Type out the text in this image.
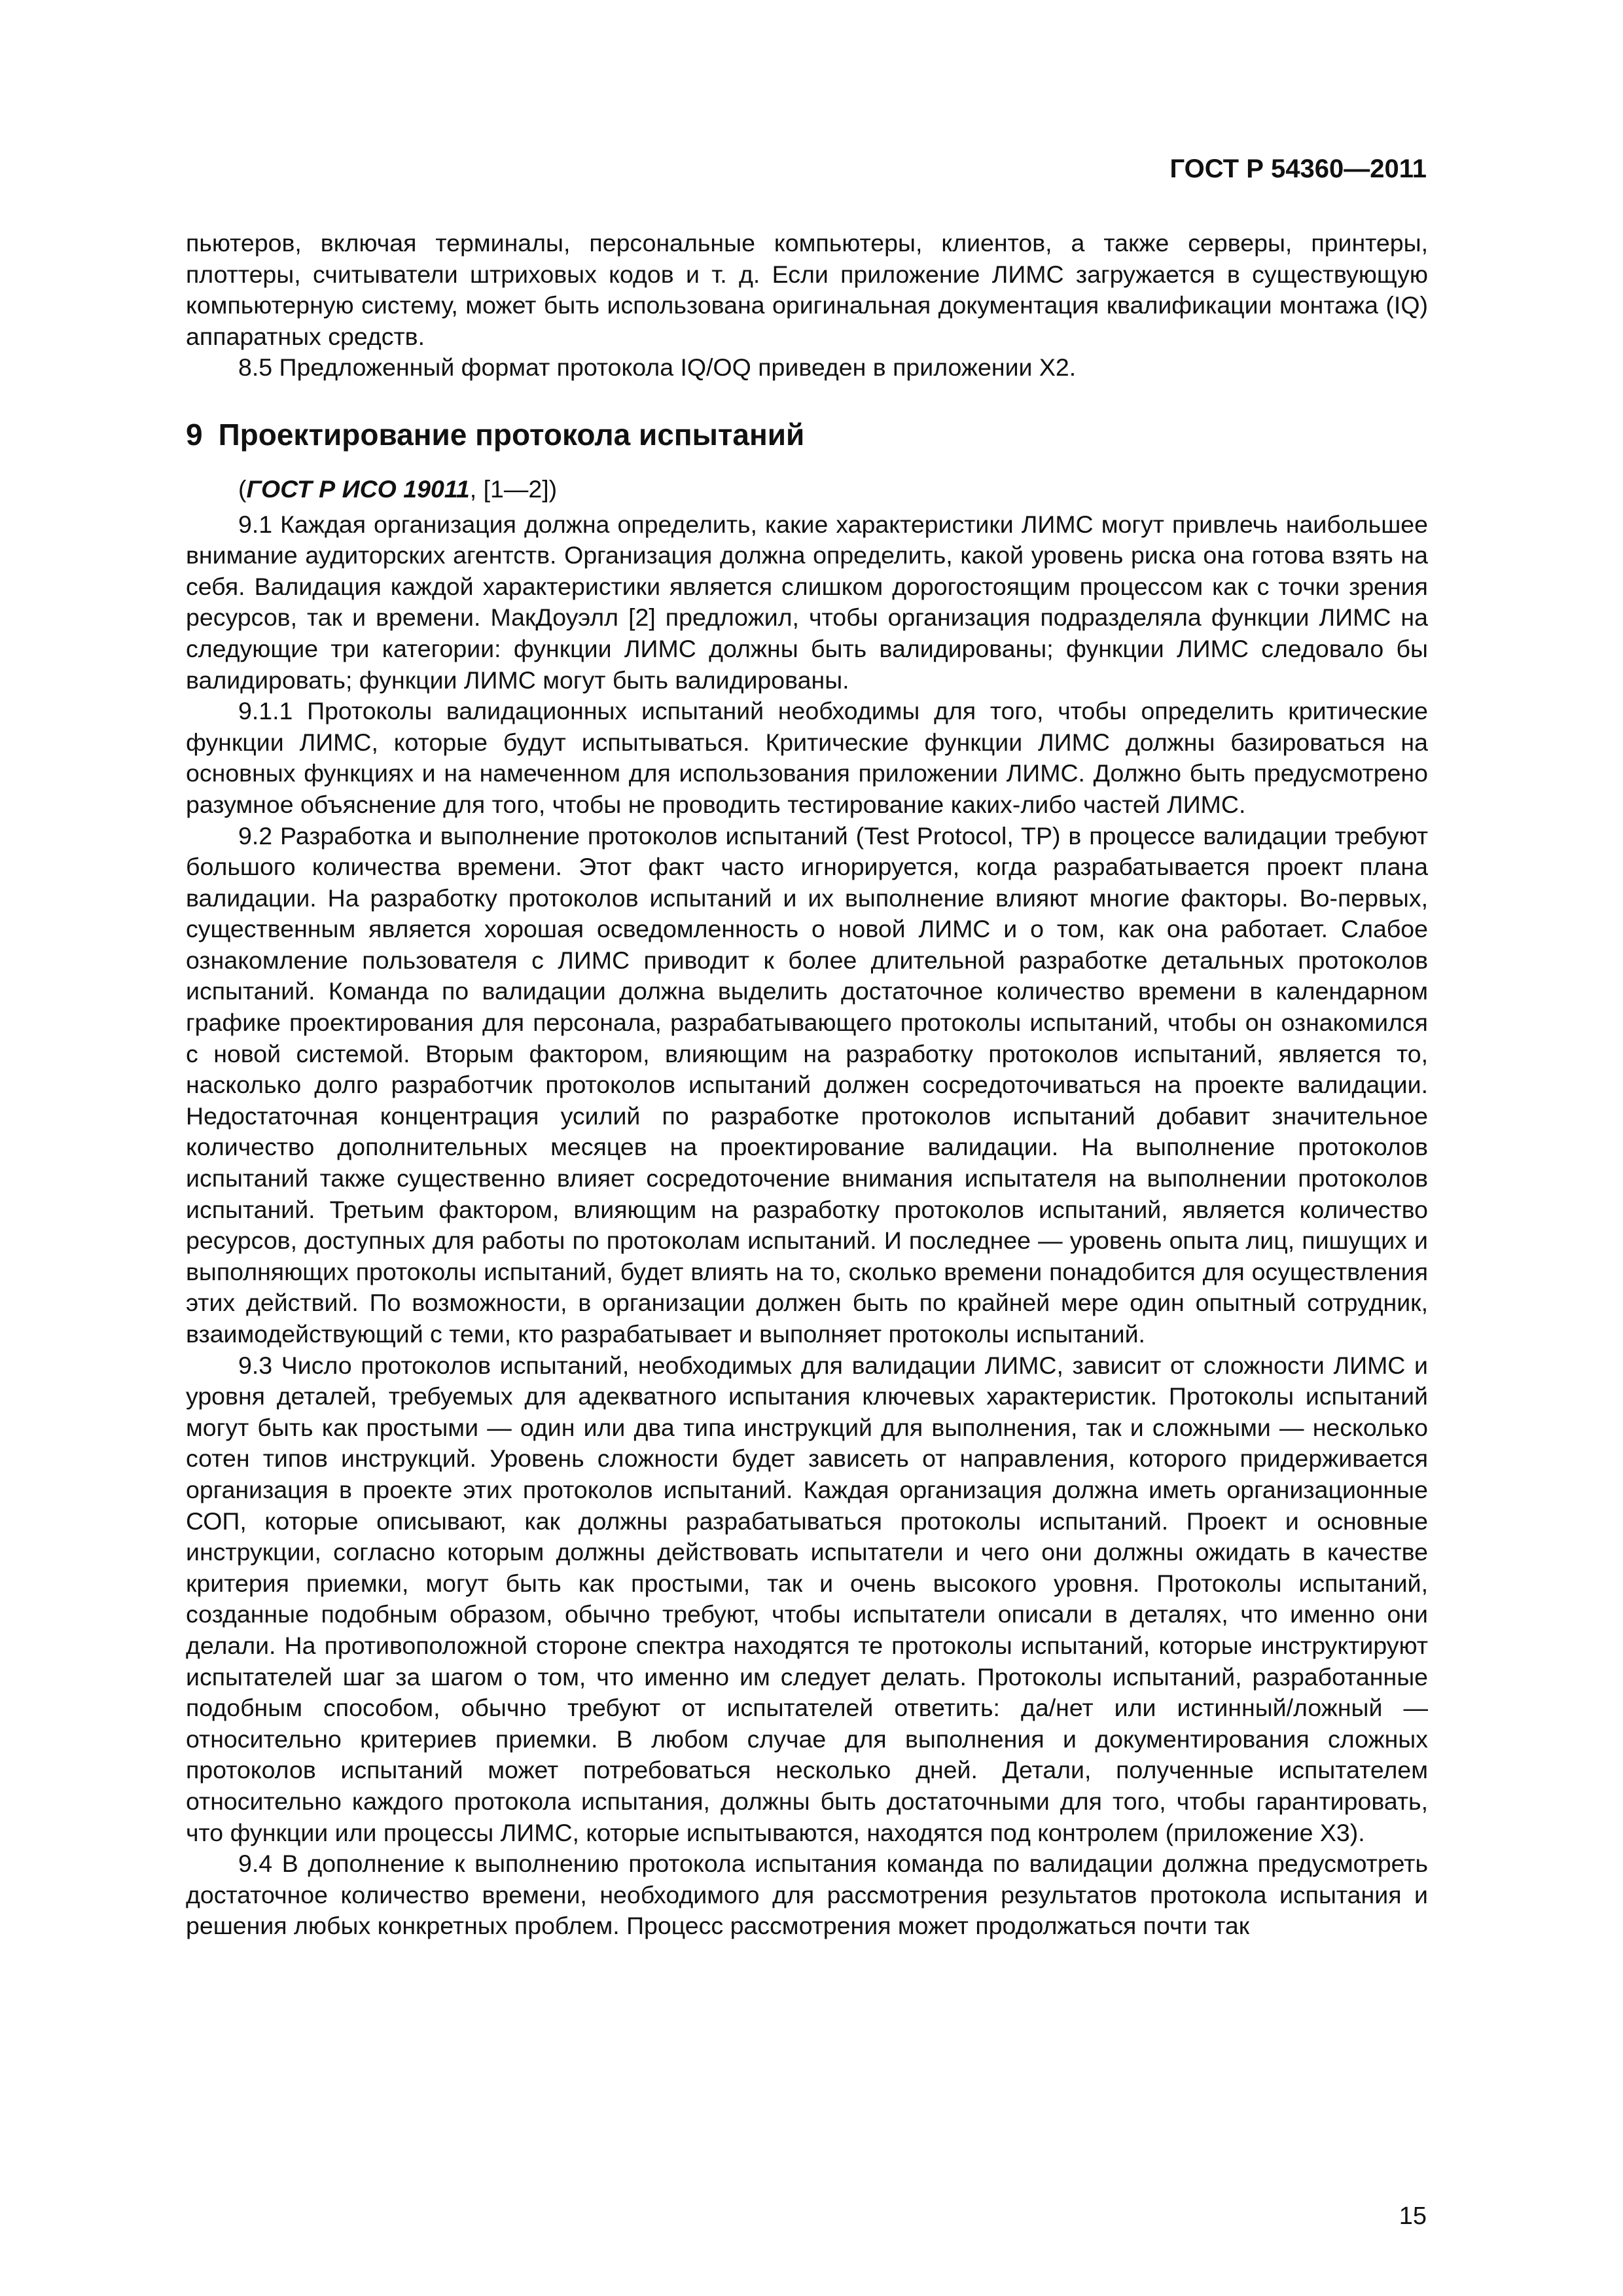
ГОСТ Р 54360—2011

пьютеров, включая терминалы, персональные компьютеры, клиентов, а также серверы, принтеры, плоттеры, считыватели штриховых кодов и т. д. Если приложение ЛИМС загружается в существующую компьютерную систему, может быть использована оригинальная документация квалификации монтажа (IQ) аппаратных средств.

8.5 Предложенный формат протокола IQ/OQ приведен в приложении Х2.

9 Проектирование протокола испытаний

(ГОСТ Р ИСО 19011, [1—2])

9.1 Каждая организация должна определить, какие характеристики ЛИМС могут привлечь наибольшее внимание аудиторских агентств. Организация должна определить, какой уровень риска она готова взять на себя. Валидация каждой характеристики является слишком дорогостоящим процессом как с точки зрения ресурсов, так и времени. МакДоуэлл [2] предложил, чтобы организация подразделяла функции ЛИМС на следующие три категории: функции ЛИМС должны быть валидированы; функции ЛИМС следовало бы валидировать; функции ЛИМС могут быть валидированы.

9.1.1 Протоколы валидационных испытаний необходимы для того, чтобы определить критические функции ЛИМС, которые будут испытываться. Критические функции ЛИМС должны базироваться на основных функциях и на намеченном для использования приложении ЛИМС. Должно быть предусмотрено разумное объяснение для того, чтобы не проводить тестирование каких-либо частей ЛИМС.

9.2 Разработка и выполнение протоколов испытаний (Test Protocol, TP) в процессе валидации требуют большого количества времени. Этот факт часто игнорируется, когда разрабатывается проект плана валидации. На разработку протоколов испытаний и их выполнение влияют многие факторы. Во-первых, существенным является хорошая осведомленность о новой ЛИМС и о том, как она работает. Слабое ознакомление пользователя с ЛИМС приводит к более длительной разработке детальных протоколов испытаний. Команда по валидации должна выделить достаточное количество времени в календарном графике проектирования для персонала, разрабатывающего протоколы испытаний, чтобы он ознакомился с новой системой. Вторым фактором, влияющим на разработку протоколов испытаний, является то, насколько долго разработчик протоколов испытаний должен сосредоточиваться на проекте валидации. Недостаточная концентрация усилий по разработке протоколов испытаний добавит значительное количество дополнительных месяцев на проектирование валидации. На выполнение протоколов испытаний также существенно влияет сосредоточение внимания испытателя на выполнении протоколов испытаний. Третьим фактором, влияющим на разработку протоколов испытаний, является количество ресурсов, доступных для работы по протоколам испытаний. И последнее — уровень опыта лиц, пишущих и выполняющих протоколы испытаний, будет влиять на то, сколько времени понадобится для осуществления этих действий. По возможности, в организации должен быть по крайней мере один опытный сотрудник, взаимодействующий с теми, кто разрабатывает и выполняет протоколы испытаний.

9.3 Число протоколов испытаний, необходимых для валидации ЛИМС, зависит от сложности ЛИМС и уровня деталей, требуемых для адекватного испытания ключевых характеристик. Протоколы испытаний могут быть как простыми — один или два типа инструкций для выполнения, так и сложными — несколько сотен типов инструкций. Уровень сложности будет зависеть от направления, которого придерживается организация в проекте этих протоколов испытаний. Каждая организация должна иметь организационные СОП, которые описывают, как должны разрабатываться протоколы испытаний. Проект и основные инструкции, согласно которым должны действовать испытатели и чего они должны ожидать в качестве критерия приемки, могут быть как простыми, так и очень высокого уровня. Протоколы испытаний, созданные подобным образом, обычно требуют, чтобы испытатели описали в деталях, что именно они делали. На противоположной стороне спектра находятся те протоколы испытаний, которые инструктируют испытателей шаг за шагом о том, что именно им следует делать. Протоколы испытаний, разработанные подобным способом, обычно требуют от испытателей ответить: да/нет или истинный/ложный — относительно критериев приемки. В любом случае для выполнения и документирования сложных протоколов испытаний может потребоваться несколько дней. Детали, полученные испытателем относительно каждого протокола испытания, должны быть достаточными для того, чтобы гарантировать, что функции или процессы ЛИМС, которые испытываются, находятся под контролем (приложение Х3).

9.4 В дополнение к выполнению протокола испытания команда по валидации должна предусмотреть достаточное количество времени, необходимого для рассмотрения результатов протокола испытания и решения любых конкретных проблем. Процесс рассмотрения может продолжаться почти так

15
